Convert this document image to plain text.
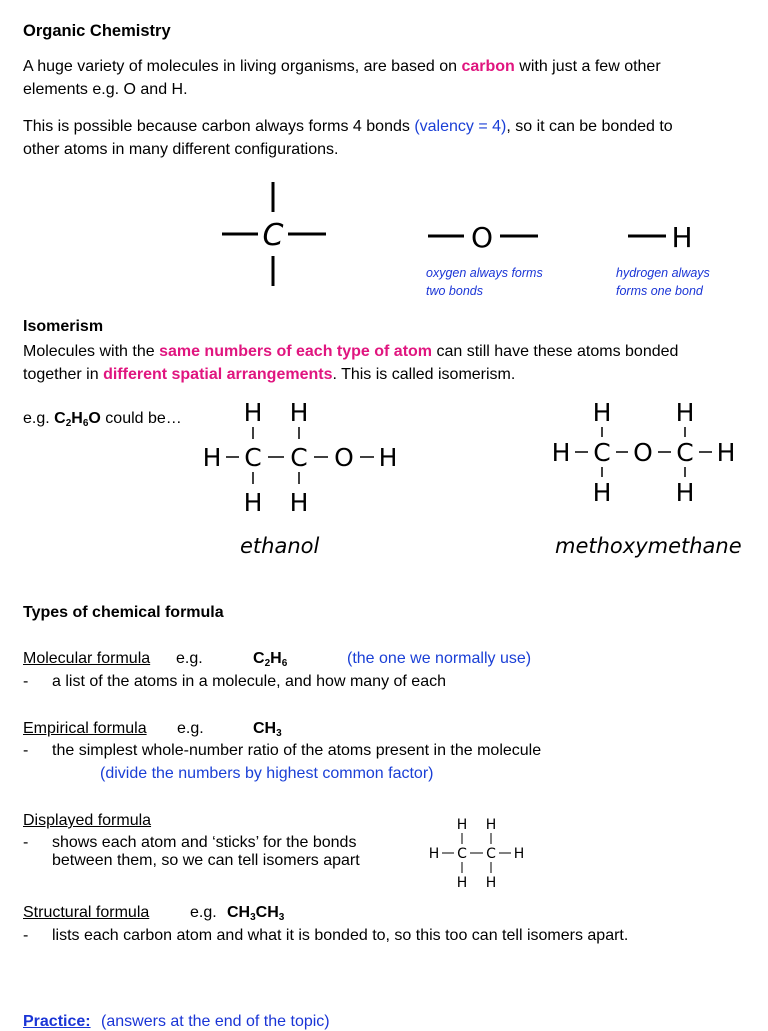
Organic Chemistry
A huge variety of molecules in living organisms, are based on carbon with just a few other
elements e.g. O and H.
This is possible because carbon always forms 4 bonds (valency = 4), so it can be bonded to
other atoms in many different configurations.
C	O	H
oxygen always forms
two bonds
hydrogen always
forms one bond
Isomerism
Molecules with the same numbers of each type of atom can still have these atoms bonded
together in different spatial arrangements. This is called isomerism.
e.g. $C_2H_6O$ could be… H H
H C C O H
H H
ethanol
H	H
H C O C H
H	H
methoxymethane
Types of chemical formula
Molecular formula e.g.	$C_2H_6$	(the one we normally use)
- a list of the atoms in a molecule, and how many of each
Empirical formula e.g.	$CH_3$
- the simplest whole-number ratio of the atoms present in the molecule
(divide the numbers by highest common factor)
Displayed formula
- shows each atom and ‘sticks’ for the bonds
between them, so we can tell isomers apart
H H
H C C H
H H
Structural formula	e.g. $CH_3CH_3$
- lists each carbon atom and what it is bonded to, so this too can tell isomers apart.
Practice: (answers at the end of the topic)
